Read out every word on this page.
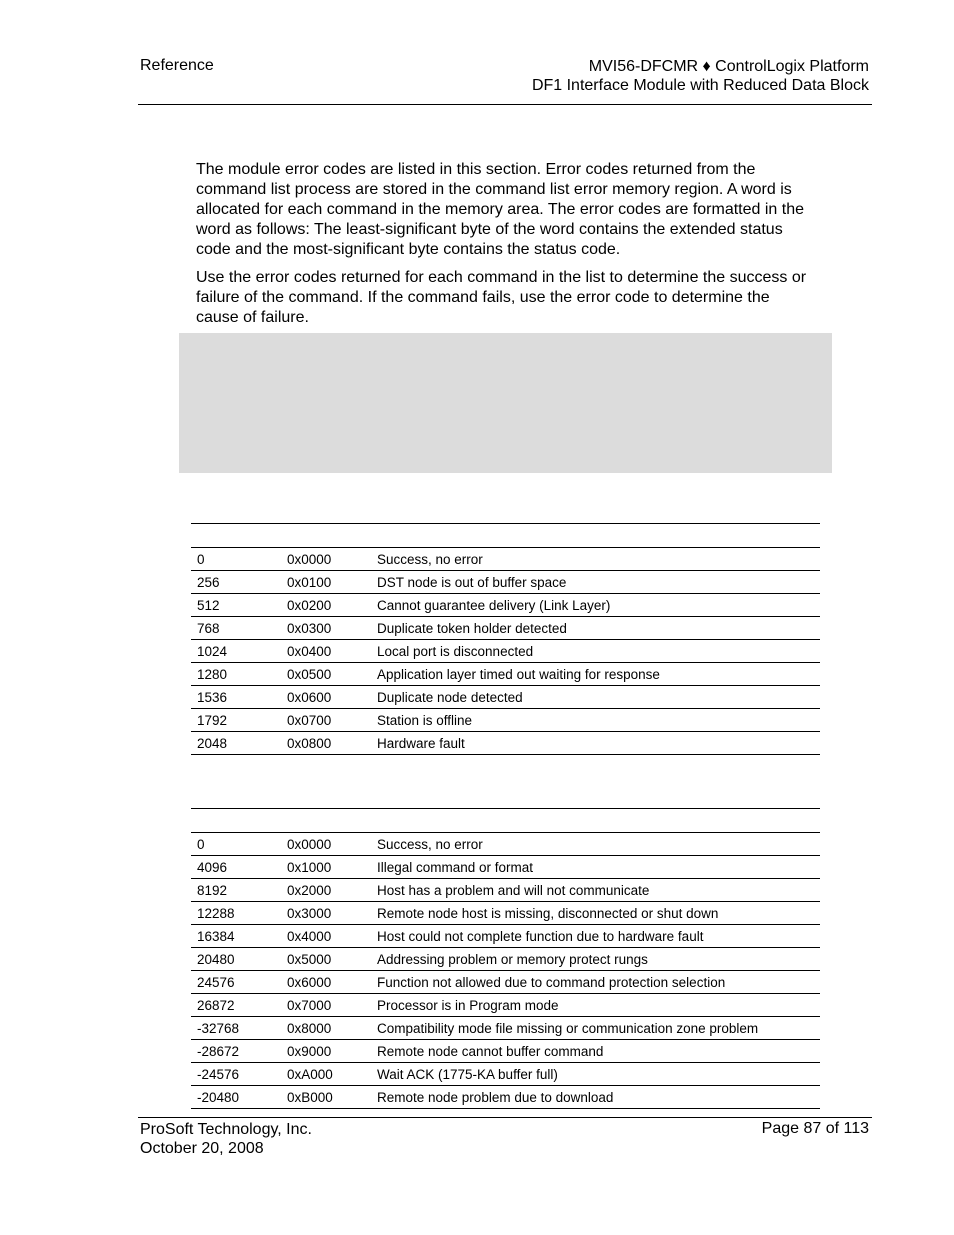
Reference	MVI56-DFCMR ♦ ControlLogix Platform
DF1 Interface Module with Reduced Data Block

The module error codes are listed in this section. Error codes returned from the command list process are stored in the command list error memory region. A word is allocated for each command in the memory area. The error codes are formatted in the word as follows: The least-significant byte of the word contains the extended status code and the most-significant byte contains the status code.

Use the error codes returned for each command in the list to determine the success or failure of the command. If the command fails, use the error code to determine the cause of failure.

0	0x0000	Success, no error
256	0x0100	DST node is out of buffer space
512	0x0200	Cannot guarantee delivery (Link Layer)
768	0x0300	Duplicate token holder detected
1024	0x0400	Local port is disconnected
1280	0x0500	Application layer timed out waiting for response
1536	0x0600	Duplicate node detected
1792	0x0700	Station is offline
2048	0x0800	Hardware fault
0	0x0000	Success, no error
4096	0x1000	Illegal command or format
8192	0x2000	Host has a problem and will not communicate
12288	0x3000	Remote node host is missing, disconnected or shut down
16384	0x4000	Host could not complete function due to hardware fault
20480	0x5000	Addressing problem or memory protect rungs
24576	0x6000	Function not allowed due to command protection selection
26872	0x7000	Processor is in Program mode
-32768	0x8000	Compatibility mode file missing or communication zone problem
-28672	0x9000	Remote node cannot buffer command
-24576	0xA000	Wait ACK (1775-KA buffer full)
-20480	0xB000	Remote node problem due to download
ProSoft Technology, Inc.
October 20, 2008
Page 87 of 113
